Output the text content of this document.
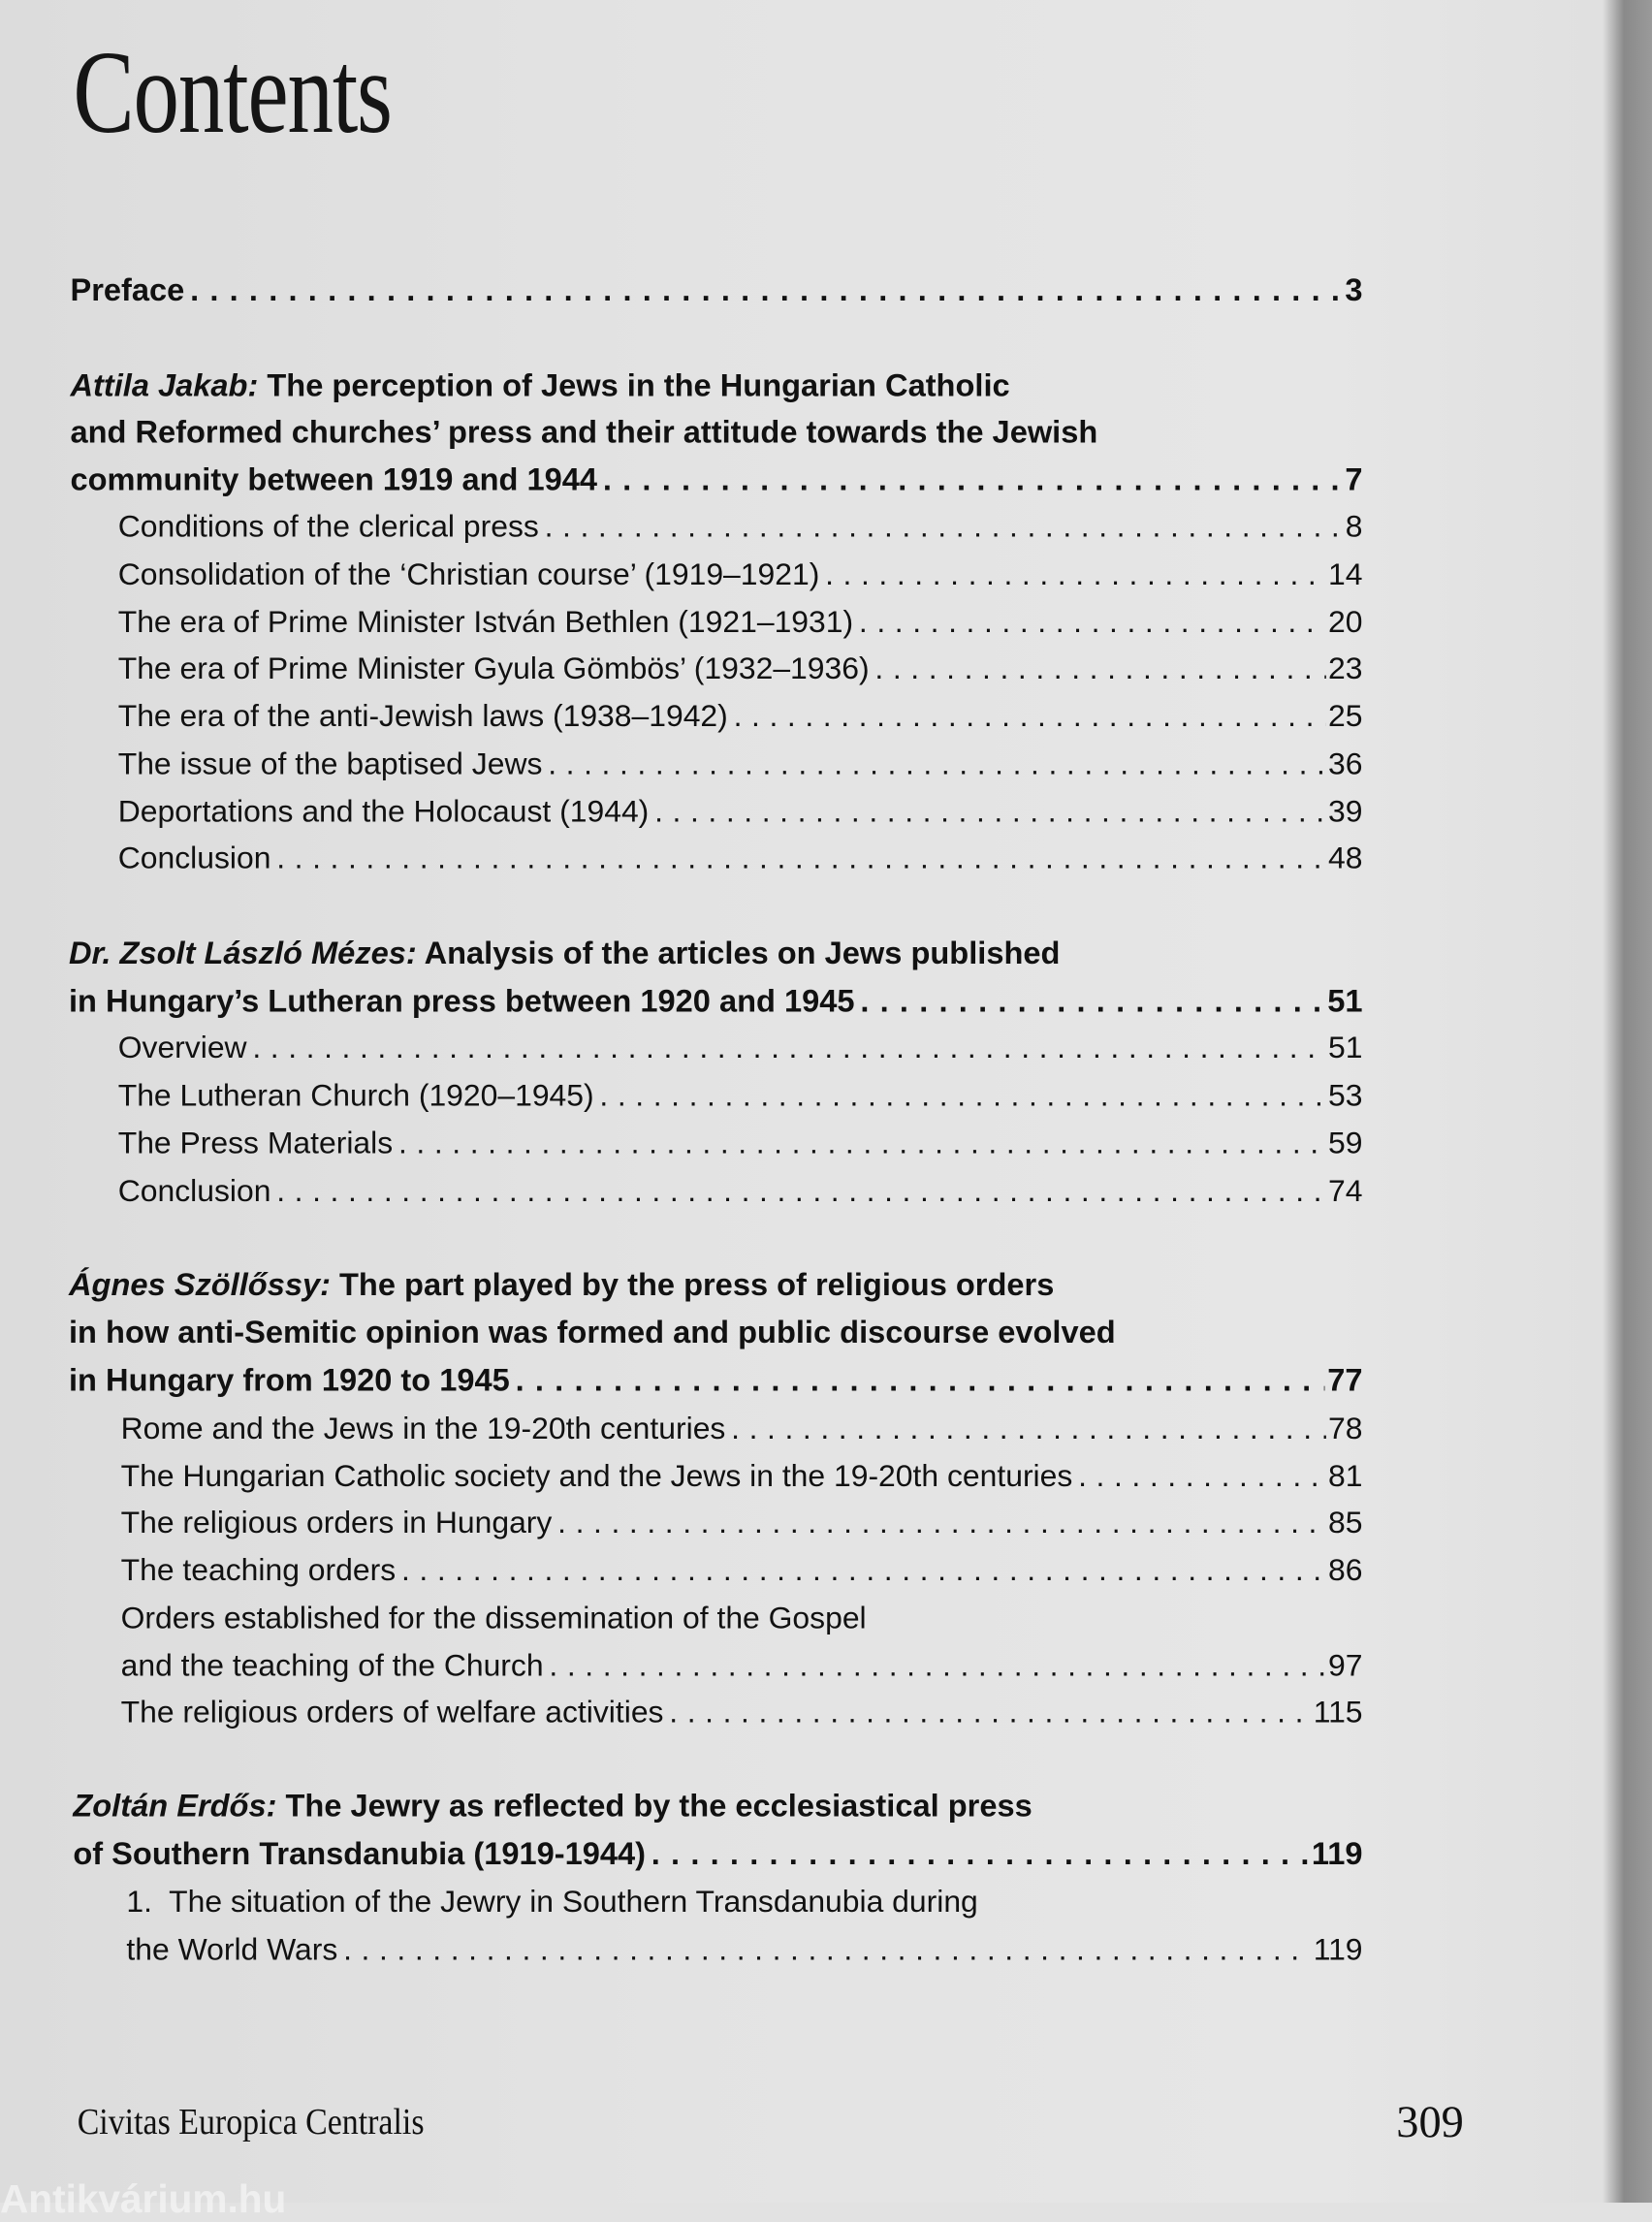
Contents
Preface . . .	3
Attila Jakab: The perception of Jews in the Hungarian Catholic
and Reformed churches’ press and their attitude towards the Jewish
community between 1919 and 1944 . . .	7
Conditions of the clerical press . . .	8
Consolidation of the ‘Christian course’ (1919–1921) . . .	14
The era of Prime Minister István Bethlen (1921–1931) . . .	20
The era of Prime Minister Gyula Gömbös’ (1932–1936) . . .	23
The era of the anti-Jewish laws (1938–1942) . . .	25
The issue of the baptised Jews . . .	36
Deportations and the Holocaust (1944) . . .	39
Conclusion . . .	48
Dr. Zsolt László Mézes: Analysis of the articles on Jews published
in Hungary’s Lutheran press between 1920 and 1945 . . .	51
Overview . . .	51
The Lutheran Church (1920–1945) . . .	53
The Press Materials . . .	59
Conclusion . . .	74
Ágnes Szöllőssy: The part played by the press of religious orders
in how anti-Semitic opinion was formed and public discourse evolved
in Hungary from 1920 to 1945 . . .	77
Rome and the Jews in the 19-20th centuries . . .	78
The Hungarian Catholic society and the Jews in the 19-20th centuries . . .	81
The religious orders in Hungary . . .	85
The teaching orders . . .	86
Orders established for the dissemination of the Gospel
and the teaching of the Church . . .	97
The religious orders of welfare activities . . .	115
Zoltán Erdős: The Jewry as reflected by the ecclesiastical press
of Southern Transdanubia (1919-1944) . . .	119
1.  The situation of the Jewry in Southern Transdanubia during
the World Wars . . .	119
Civitas Europica Centralis	309
Antikvárium.hu
